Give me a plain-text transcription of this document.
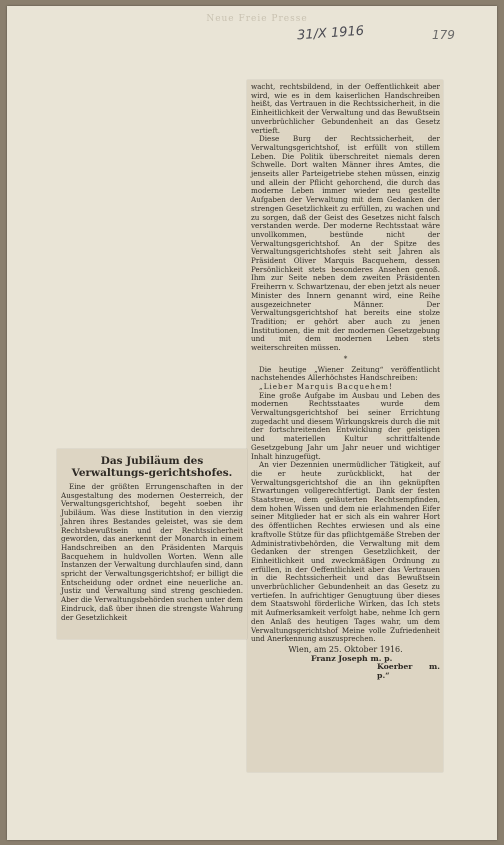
Neue Freie Presse
31/X 1916	179

wacht, rechtsbildend, in der Oeffentlichkeit aber wird, wie es in dem kaiserlichen Handschreiben heißt, das Vertrauen in die Rechtssicherheit, in die Einheitlichkeit der Verwaltung und das Bewußtsein unverbrüchlicher Gebundenheit an das Gesetz vertieft.

Diese Burg der Rechtssicherheit, der Verwaltungsgerichtshof, ist erfüllt von stillem Leben. Die Politik überschreitet niemals deren Schwelle. Dort walten Männer ihres Amtes, die jenseits aller Parteigetriebe stehen müssen, einzig und allein der Pflicht gehorchend, die durch das moderne Leben immer wieder neu gestellte Aufgaben der Verwaltung mit dem Gedanken der strengen Gesetzlichkeit zu erfüllen, zu wachen und zu sorgen, daß der Geist des Gesetzes nicht falsch verstanden werde. Der moderne Rechtsstaat wäre unvollkommen, bestünde nicht der Verwaltungsgerichtshof. An der Spitze des Verwaltungsgerichtshofes steht seit Jahren als Präsident Oliver Marquis Bacquehem, dessen Persönlichkeit stets besonderes Ansehen genoß. Ihm zur Seite neben dem zweiten Präsidenten Freiherrn v. Schwartzenau, der eben jetzt als neuer Minister des Innern genannt wird, eine Reihe ausgezeichneter Männer. Der Verwaltungsgerichtshof hat bereits eine stolze Tradition; er gehört aber auch zu jenen Institutionen, die mit der modernen Gesetzgebung und mit dem modernen Leben stets weiterschreiten müssen.

*

Die heutige „Wiener Zeitung“ veröffentlicht nachstehendes Allerhöchstes Handschreiben:

„Lieber Marquis Bacquehem!

Eine große Aufgabe im Ausbau und Leben des modernen Rechtsstaates wurde dem Verwaltungsgerichtshof bei seiner Errichtung zugedacht und diesem Wirkungskreis durch die mit der fortschreitenden Entwicklung der geistigen und materiellen Kultur schrittfaltende Gesetzgebung Jahr um Jahr neuer und wichtiger Inhalt hinzugefügt.

An vier Dezennien unermüdlicher Tätigkeit, auf die er heute zurückblickt, hat der Verwaltungsgerichtshof die an ihn geknüpften Erwartungen vollgerechtfertigt. Dank der festen Staatstreue, dem geläuterten Rechtsempfinden, dem hohen Wissen und dem nie erlahmenden Eifer seiner Mitglieder hat er sich als ein wahrer Hort des öffentlichen Rechtes erwiesen und als eine kraftvolle Stütze für das pflichtgemäße Streben der Administrativbehörden, die Verwaltung mit dem Gedanken der strengen Gesetzlichkeit, der Einheitlichkeit und zweckmäßigen Ordnung zu erfüllen, in der Oeffentlichkeit aber das Vertrauen in die Rechtssicherheit und das Bewußtsein unverbrüchlicher Gebundenheit an das Gesetz zu vertiefen. In aufrichtiger Genugtuung über dieses dem Staatswohl förderliche Wirken, das Ich stets mit Aufmerksamkeit verfolgt habe, nehme Ich gern den Anlaß des heutigen Tages wahr, um dem Verwaltungsgerichtshof Meine volle Zufriedenheit und Anerkennung auszusprechen.

Wien, am 25. Oktober 1916.

Franz Joseph m. p.

Koerber m. p.“

Das Jubiläum des Verwaltungs-gerichtshofes.

Eine der größten Errungenschaften in der Ausgestaltung des modernen Oesterreich, der Verwaltungsgerichtshof, begeht soeben ihr Jubiläum. Was diese Institution in den vierzig Jahren ihres Bestandes geleistet, was sie dem Rechtsbewußtsein und der Rechtssicherheit geworden, das anerkennt der Monarch in einem Handschreiben an den Präsidenten Marquis Bacquehem in huldvollen Worten. Wenn alle Instanzen der Verwaltung durchlaufen sind, dann spricht der Verwaltungsgerichtshof; er billigt die Entscheidung oder ordnet eine neuerliche an. Justiz und Verwaltung sind streng geschieden. Aber die Verwaltungsbehörden suchen unter dem Eindruck, daß über ihnen die strengste Wahrung der Gesetzlichkeit
